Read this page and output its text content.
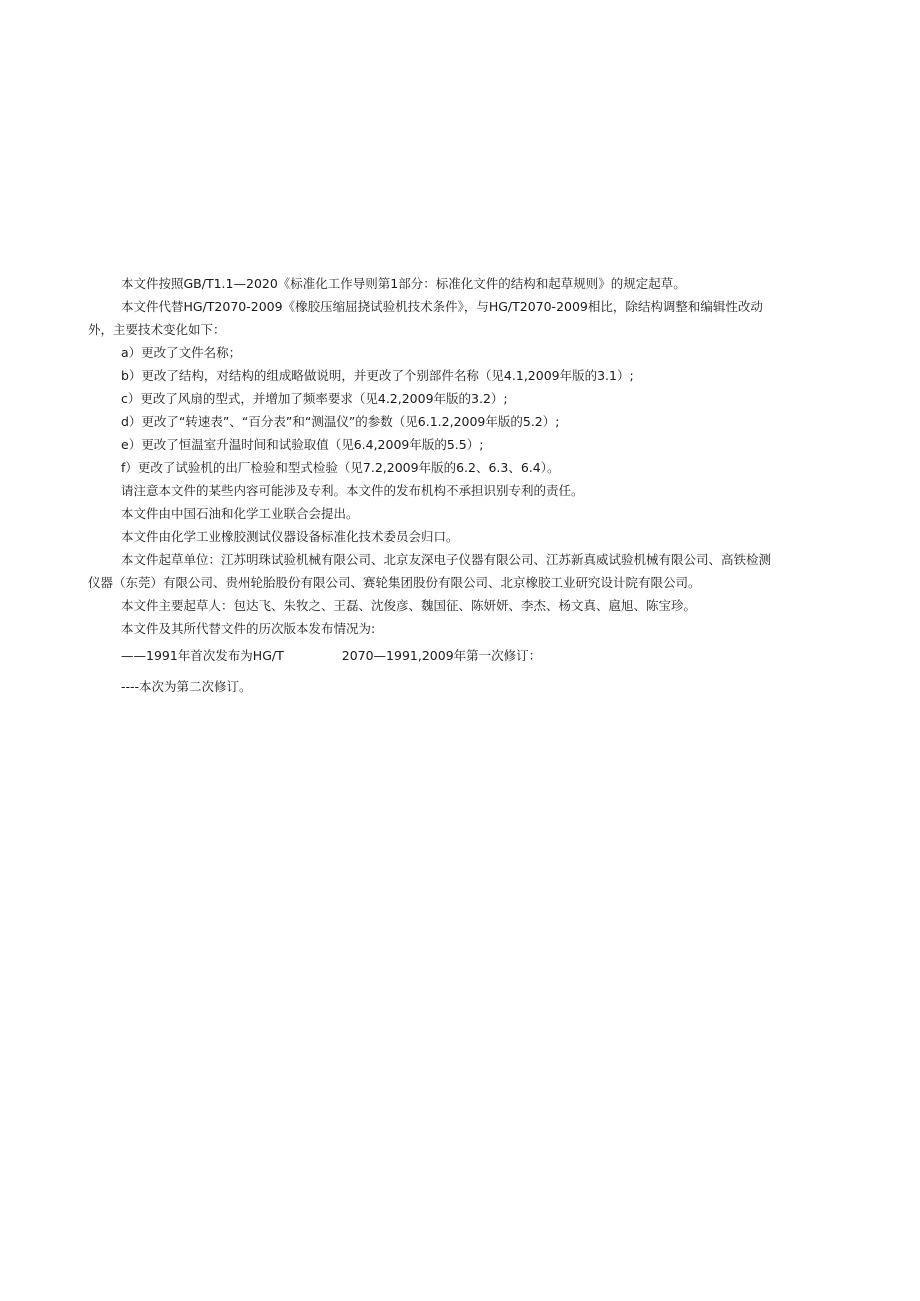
本文件按照GB/T1.1—2020《标准化工作导则第1部分：标准化文件的结构和起草规则》的规定起草。

本文件代替HG/T2070-2009《橡胶压缩屈挠试验机技术条件》，与HG/T2070-2009相比，除结构调整和编辑性改动外，主要技术变化如下：

a）更改了文件名称；

b）更改了结构，对结构的组成略做说明，并更改了个别部件名称（见4.1,2009年版的3.1）;

c）更改了风扇的型式，并增加了频率要求（见4.2,2009年版的3.2）;

d）更改了“转速表”、“百分表”和“测温仪”的参数（见6.1.2,2009年版的5.2）;

e）更改了恒温室升温时间和试验取值（见6.4,2009年版的5.5）;

f）更改了试验机的出厂检验和型式检验（见7.2,2009年版的6.2、6.3、6.4）。

请注意本文件的某些内容可能涉及专利。本文件的发布机构不承担识别专利的责任。

本文件由中国石油和化学工业联合会提出。

本文件由化学工业橡胶测试仪器设备标准化技术委员会归口。

本文件起草单位：江苏明珠试验机械有限公司、北京友深电子仪器有限公司、江苏新真威试验机械有限公司、高铁检测仪器（东莞）有限公司、贵州轮胎股份有限公司、赛轮集团股份有限公司、北京橡胶工业研究设计院有限公司。

本文件主要起草人：包达飞、朱牧之、王磊、沈俊彦、魏国征、陈妍妍、李杰、杨文真、扈旭、陈宝珍。

本文件及其所代替文件的历次版本发布情况为:

——1991年首次发布为HG/T	2070—1991,2009年第一次修订：

----本次为第二次修订。
